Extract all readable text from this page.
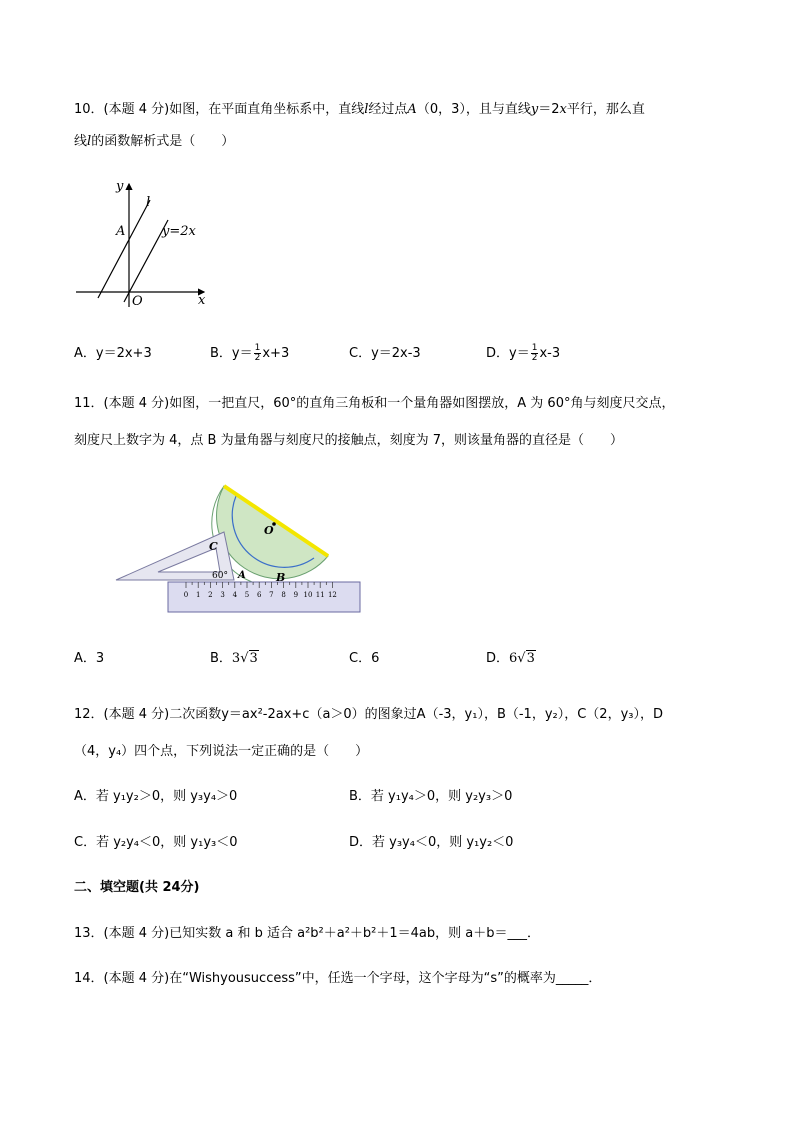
10．(本题 4 分)如图，在平面直角坐标系中，直线l经过点A（0，3），且与直线y＝2x平行，那么直
线l的函数解析式是（　　）
y
x
O
A
l
y=2x
A．y＝2x+3	B．$y= \frac{1}{2} x+3$	C．y＝2x-3	D．$y= \frac{1}{2} x-3$
11．(本题 4 分)如图，一把直尺，60°的直角三角板和一个量角器如图摆放，A 为 60°角与刻度尺交点，
刻度尺上数字为 4，点 B 为量角器与刻度尺的接触点，刻度为 7，则该量角器的直径是（　　）
0 1 2 3 4 5 6 7 8 9 10 11 12
O
C
60° A	B
A．3	B．3√3	C．6	D．6√3
12．(本题 4 分)二次函数y＝ax²-2ax+c（a＞0）的图象过A（-3，y₁），B（-1，y₂），C（2，y₃），D
（4，y₄）四个点，下列说法一定正确的是（　　）
A．若 y₁y₂＞0，则 y₃y₄＞0	B．若 y₁y₄＞0，则 y₂y₃＞0
C．若 y₂y₄＜0，则 y₁y₃＜0	D．若 y₃y₄＜0，则 y₁y₂＜0
二、填空题(共 24分)
13．(本题 4 分)已知实数 a 和 b 适合 a²b²＋a²＋b²＋1＝4ab，则 a＋b＝___．
14．(本题 4 分)在“Wishyousuccess”中，任选一个字母，这个字母为“s”的概率为_____．
